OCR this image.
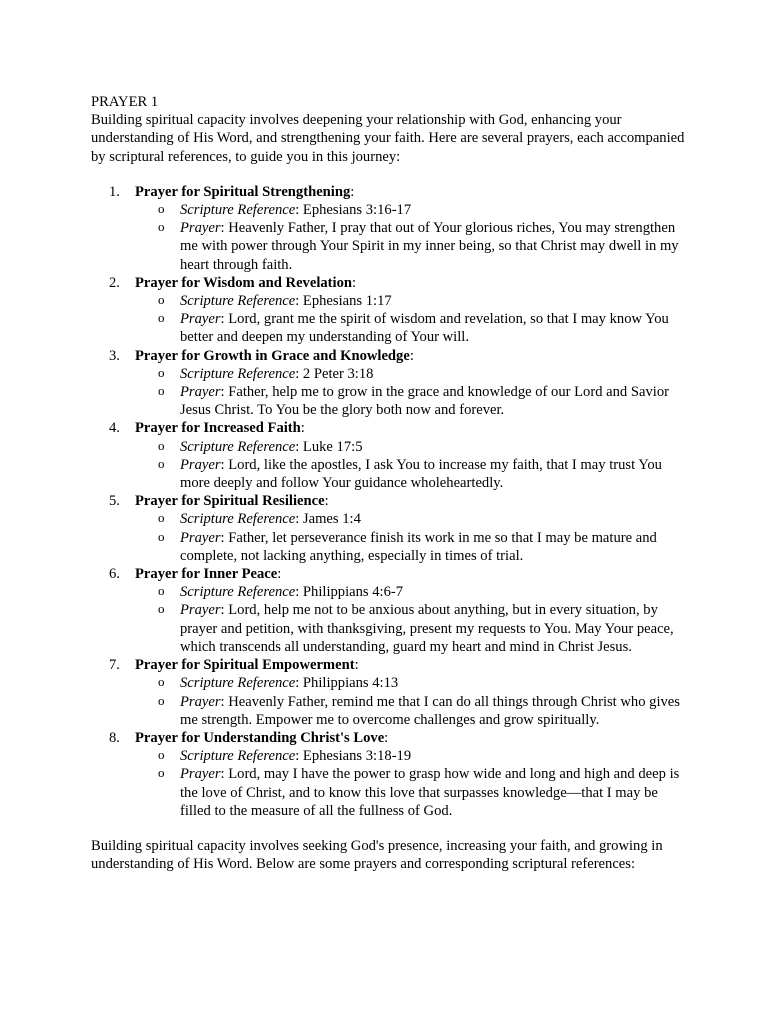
PRAYER 1

Building spiritual capacity involves deepening your relationship with God, enhancing your understanding of His Word, and strengthening your faith. Here are several prayers, each accompanied by scriptural references, to guide you in this journey:

1. Prayer for Spiritual Strengthening:
o Scripture Reference: Ephesians 3:16-17
o Prayer: Heavenly Father, I pray that out of Your glorious riches, You may strengthen me with power through Your Spirit in my inner being, so that Christ may dwell in my heart through faith.
2. Prayer for Wisdom and Revelation:
o Scripture Reference: Ephesians 1:17
o Prayer: Lord, grant me the spirit of wisdom and revelation, so that I may know You better and deepen my understanding of Your will.
3. Prayer for Growth in Grace and Knowledge:
o Scripture Reference: 2 Peter 3:18
o Prayer: Father, help me to grow in the grace and knowledge of our Lord and Savior Jesus Christ. To You be the glory both now and forever.
4. Prayer for Increased Faith:
o Scripture Reference: Luke 17:5
o Prayer: Lord, like the apostles, I ask You to increase my faith, that I may trust You more deeply and follow Your guidance wholeheartedly.
5. Prayer for Spiritual Resilience:
o Scripture Reference: James 1:4
o Prayer: Father, let perseverance finish its work in me so that I may be mature and complete, not lacking anything, especially in times of trial.
6. Prayer for Inner Peace:
o Scripture Reference: Philippians 4:6-7
o Prayer: Lord, help me not to be anxious about anything, but in every situation, by prayer and petition, with thanksgiving, present my requests to You. May Your peace, which transcends all understanding, guard my heart and mind in Christ Jesus.
7. Prayer for Spiritual Empowerment:
o Scripture Reference: Philippians 4:13
o Prayer: Heavenly Father, remind me that I can do all things through Christ who gives me strength. Empower me to overcome challenges and grow spiritually.
8. Prayer for Understanding Christ's Love:
o Scripture Reference: Ephesians 3:18-19
o Prayer: Lord, may I have the power to grasp how wide and long and high and deep is the love of Christ, and to know this love that surpasses knowledge—that I may be filled to the measure of all the fullness of God.

Building spiritual capacity involves seeking God's presence, increasing your faith, and growing in understanding of His Word. Below are some prayers and corresponding scriptural references:
